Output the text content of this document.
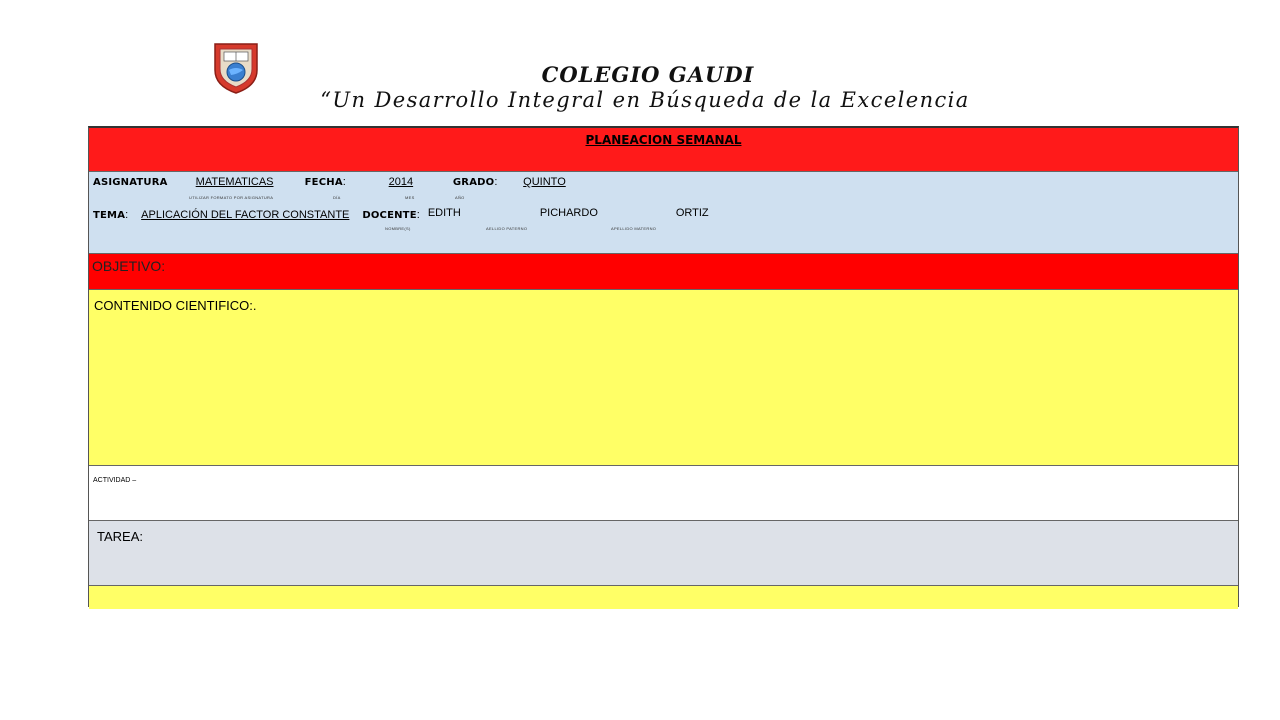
COLEGIO GAUDI
“Un Desarrollo Integral en Búsqueda de la Excelencia
PLANEACION SEMANAL
ASIGNATURA	MATEMATICAS	FECHA:	2014	GRADO: QUINTO
UTILIZAR FORMATO POR ASIGNATURA	DÍA	MES	AÑO
TEMA: APLICACIÓN DEL FACTOR CONSTANTE DOCENTE: EDITH	PICHARDO	ORTIZ
NOMBRE(S)	AELLIDO PATERNO	APELLIDO MATERNO
OBJETIVO:
CONTENIDO CIENTIFICO:.
ACTIVIDAD –
TAREA:
